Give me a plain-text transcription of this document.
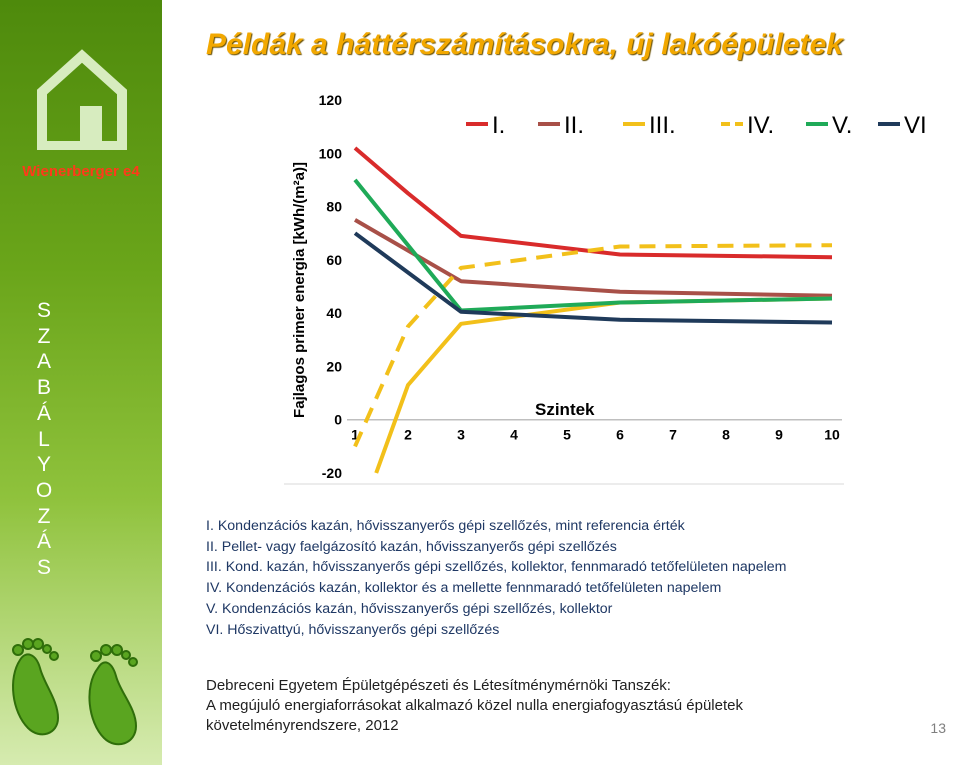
Wienerberger e4
S
Z
A
B
Á
L
Y
O
Z
Á
S
Példák a háttérszámításokra, új lakóépületek
Fajlagos primer energia [kWh/(m²a)]	Szintek
-20
0
20
40
60
80
100
120
1	2	3	4	5	6	7	8	9	10
I. II.	III.	IV. V. VI
I. Kondenzációs kazán, hővisszanyerős gépi szellőzés, mint referencia érték
II. Pellet- vagy faelgázosító kazán, hővisszanyerős gépi szellőzés
III. Kond. kazán, hővisszanyerős gépi szellőzés, kollektor, fennmaradó tetőfelületen napelem
IV. Kondenzációs kazán, kollektor és a mellette fennmaradó tetőfelületen napelem
V. Kondenzációs kazán, hővisszanyerős gépi szellőzés, kollektor
VI. Hőszivattyú, hővisszanyerős gépi szellőzés
Debreceni Egyetem Épületgépészeti és Létesítménymérnöki Tanszék:
A megújuló energiaforrásokat alkalmazó közel nulla energiafogyasztású épületek
követelményrendszere, 2012	13
